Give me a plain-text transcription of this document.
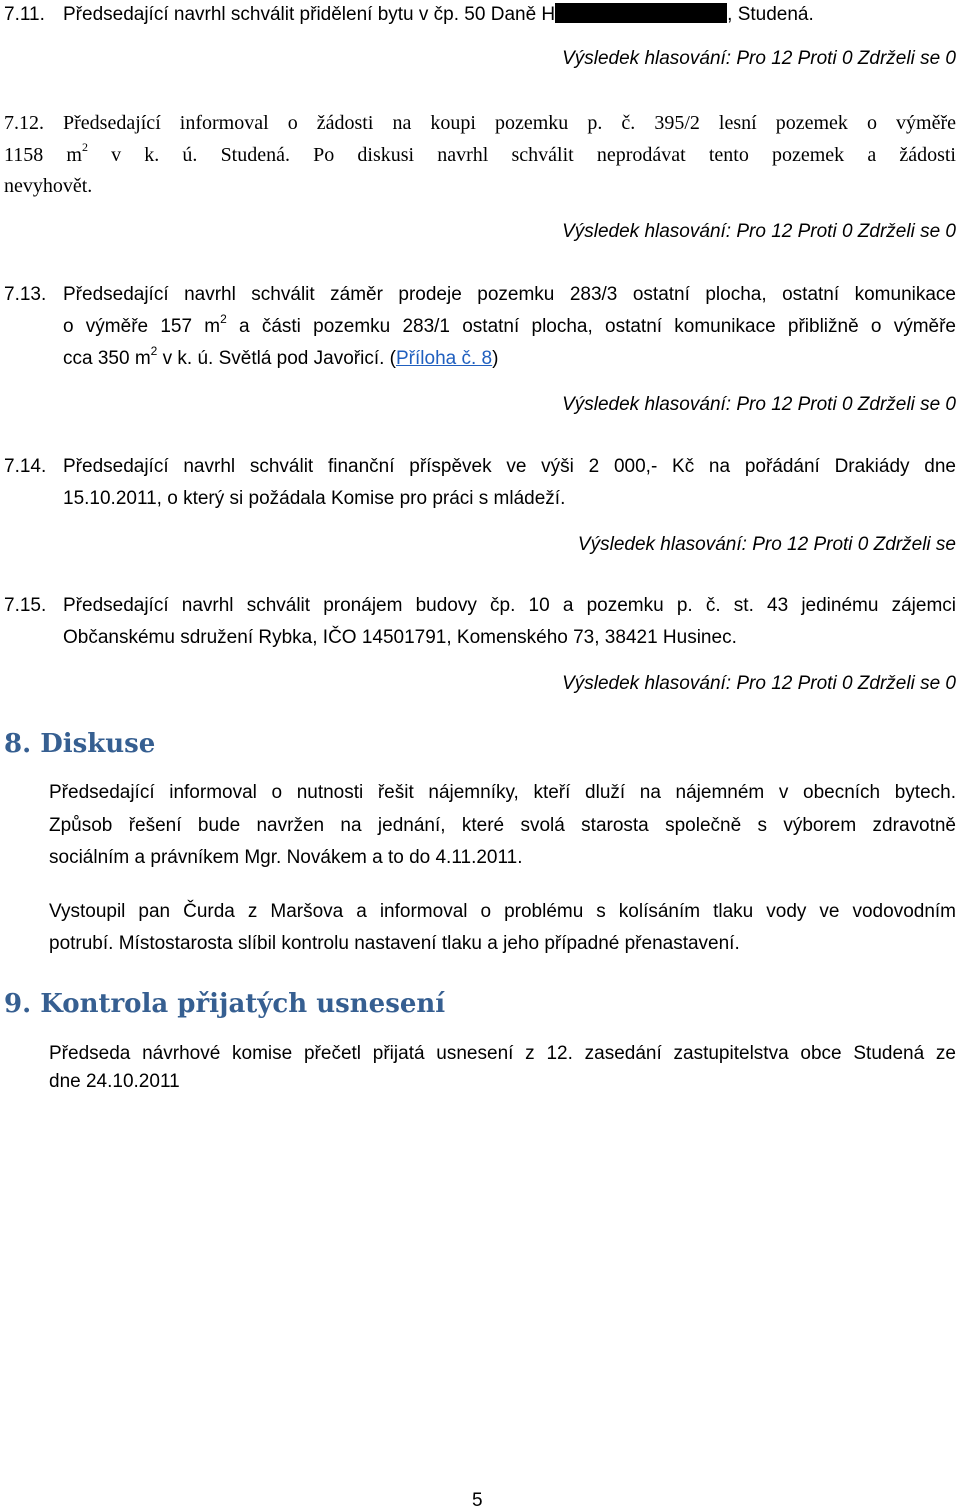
7.11. Předsedající navrhl schválit přidělení bytu v čp. 50 Daně H	, Studená.
Výsledek hlasování: Pro 12 Proti 0 Zdrželi se 0
7.12. Předsedající informoval o žádosti na koupi pozemku p. č. 395/2 lesní pozemek o výměře
1158 $m^2$ v k. ú. Studená. Po diskusi navrhl schválit neprodávat tento pozemek a žádosti
nevyhovět.
Výsledek hlasování: Pro 12 Proti 0 Zdrželi se 0
7.13. Předsedající navrhl schválit záměr prodeje pozemku 283/3 ostatní plocha, ostatní komunikace
o výměře 157 $m^2$ a části pozemku 283/1 ostatní plocha, ostatní komunikace přibližně o výměře
cca 350 $m^2$ v k. ú. Světlá pod Javořicí. (Příloha č. 8)
Výsledek hlasování: Pro 12 Proti 0 Zdrželi se 0
7.14. Předsedající navrhl schválit finanční příspěvek ve výši 2 000,- Kč na pořádání Drakiády dne
15.10.2011, o který si požádala Komise pro práci s mládeží.
Výsledek hlasování: Pro 12 Proti 0 Zdrželi se
7.15. Předsedající navrhl schválit pronájem budovy čp. 10 a pozemku p. č. st. 43 jedinému zájemci
Občanskému sdružení Rybka, IČO 14501791, Komenského 73, 38421 Husinec.
Výsledek hlasování: Pro 12 Proti 0 Zdrželi se 0
8. Diskuse
Předsedající informoval o nutnosti řešit nájemníky, kteří dluží na nájemném v obecních bytech.
Způsob řešení bude navržen na jednání, které svolá starosta společně s výborem zdravotně
sociálním a právníkem Mgr. Novákem a to do 4.11.2011.
Vystoupil pan Čurda z Maršova a informoval o problému s kolísáním tlaku vody ve vodovodním
potrubí. Místostarosta slíbil kontrolu nastavení tlaku a jeho případné přenastavení.
9. Kontrola přijatých usnesení
Předseda návrhové komise přečetl přijatá usnesení z 12. zasedání zastupitelstva obce Studená ze
dne 24.10.2011
5
